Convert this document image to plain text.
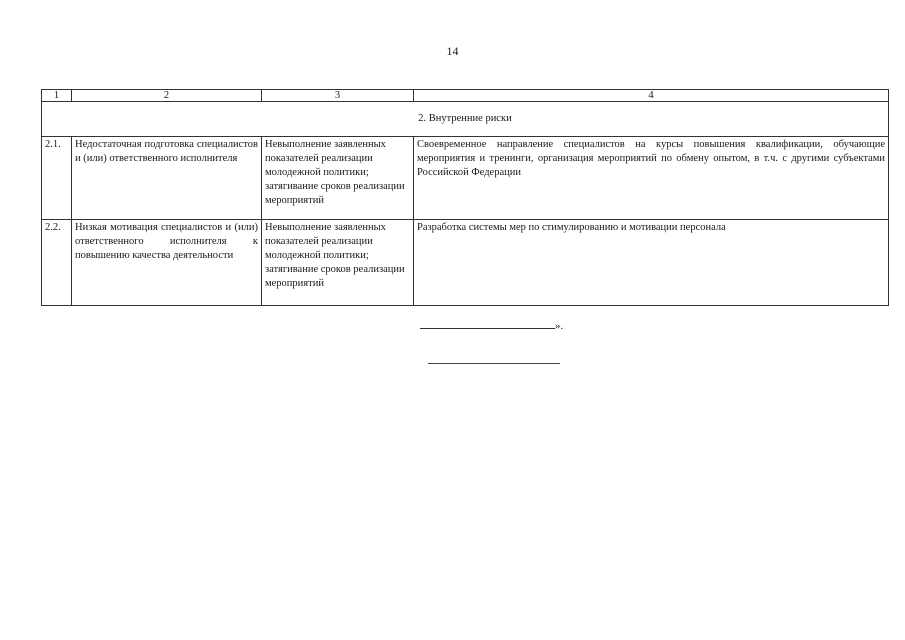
14
1	2	3	4
2. Внутренние риски			
2.1.	Недостаточная подготовка специалистов и (или) ответственного исполнителя	Невыполнение заявленных показателей реализации молодежной политики; затягивание сроков реализации мероприятий	Своевременное направление специалистов на курсы повышения квалификации, обучающие мероприятия и тренинги, организация мероприятий по обмену опытом, в т.ч. с другими субъектами Российской Федерации
2.2.	Низкая мотивация специалистов и (или) ответственного исполнителя к повышению качества деятельности	Невыполнение заявленных показателей реализации молодежной политики; затягивание сроков реализации мероприятий	Разработка системы мер по стимулированию и мотивации персонала
».
